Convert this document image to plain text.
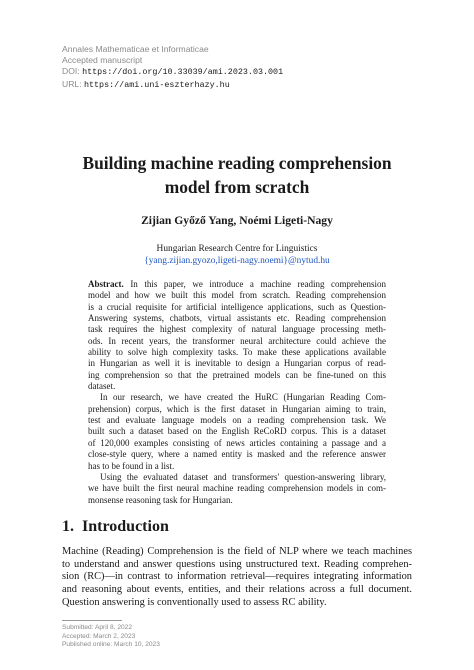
Annales Mathematicae et Informaticae
Accepted manuscript
DOI: https://doi.org/10.33039/ami.2023.03.001
URL: https://ami.uni-eszterhazy.hu
Building machine reading comprehension
model from scratch
Zijian Győző Yang, Noémi Ligeti-Nagy
Hungarian Research Centre for Linguistics
{yang.zijian.gyozo,ligeti-nagy.noemi}@nytud.hu
Abstract. In this paper, we introduce a machine reading comprehension
model and how we built this model from scratch. Reading comprehension
is a crucial requisite for artificial intelligence applications, such as Question-
Answering systems, chatbots, virtual assistants etc. Reading comprehension
task requires the highest complexity of natural language processing meth-
ods. In recent years, the transformer neural architecture could achieve the
ability to solve high complexity tasks. To make these applications available
in Hungarian as well it is inevitable to design a Hungarian corpus of read-
ing comprehension so that the pretrained models can be fine-tuned on this
dataset.
In our research, we have created the HuRC (Hungarian Reading Com-
prehension) corpus, which is the first dataset in Hungarian aiming to train,
test and evaluate language models on a reading comprehension task. We
built such a dataset based on the English ReCoRD corpus. This is a dataset
of 120,000 examples consisting of news articles containing a passage and a
close-style query, where a named entity is masked and the reference answer
has to be found in a list.
Using the evaluated dataset and transformers' question-answering library,
we have built the first neural machine reading comprehension models in com-
monsense reasoning task for Hungarian.
1. Introduction
Machine (Reading) Comprehension is the field of NLP where we teach machines
to understand and answer questions using unstructured text. Reading comprehen-
sion (RC)—in contrast to information retrieval—requires integrating information
and reasoning about events, entities, and their relations across a full document.
Question answering is conventionally used to assess RC ability.
Submitted: April 8, 2022
Accepted: March 2, 2023
Published online: March 10, 2023
